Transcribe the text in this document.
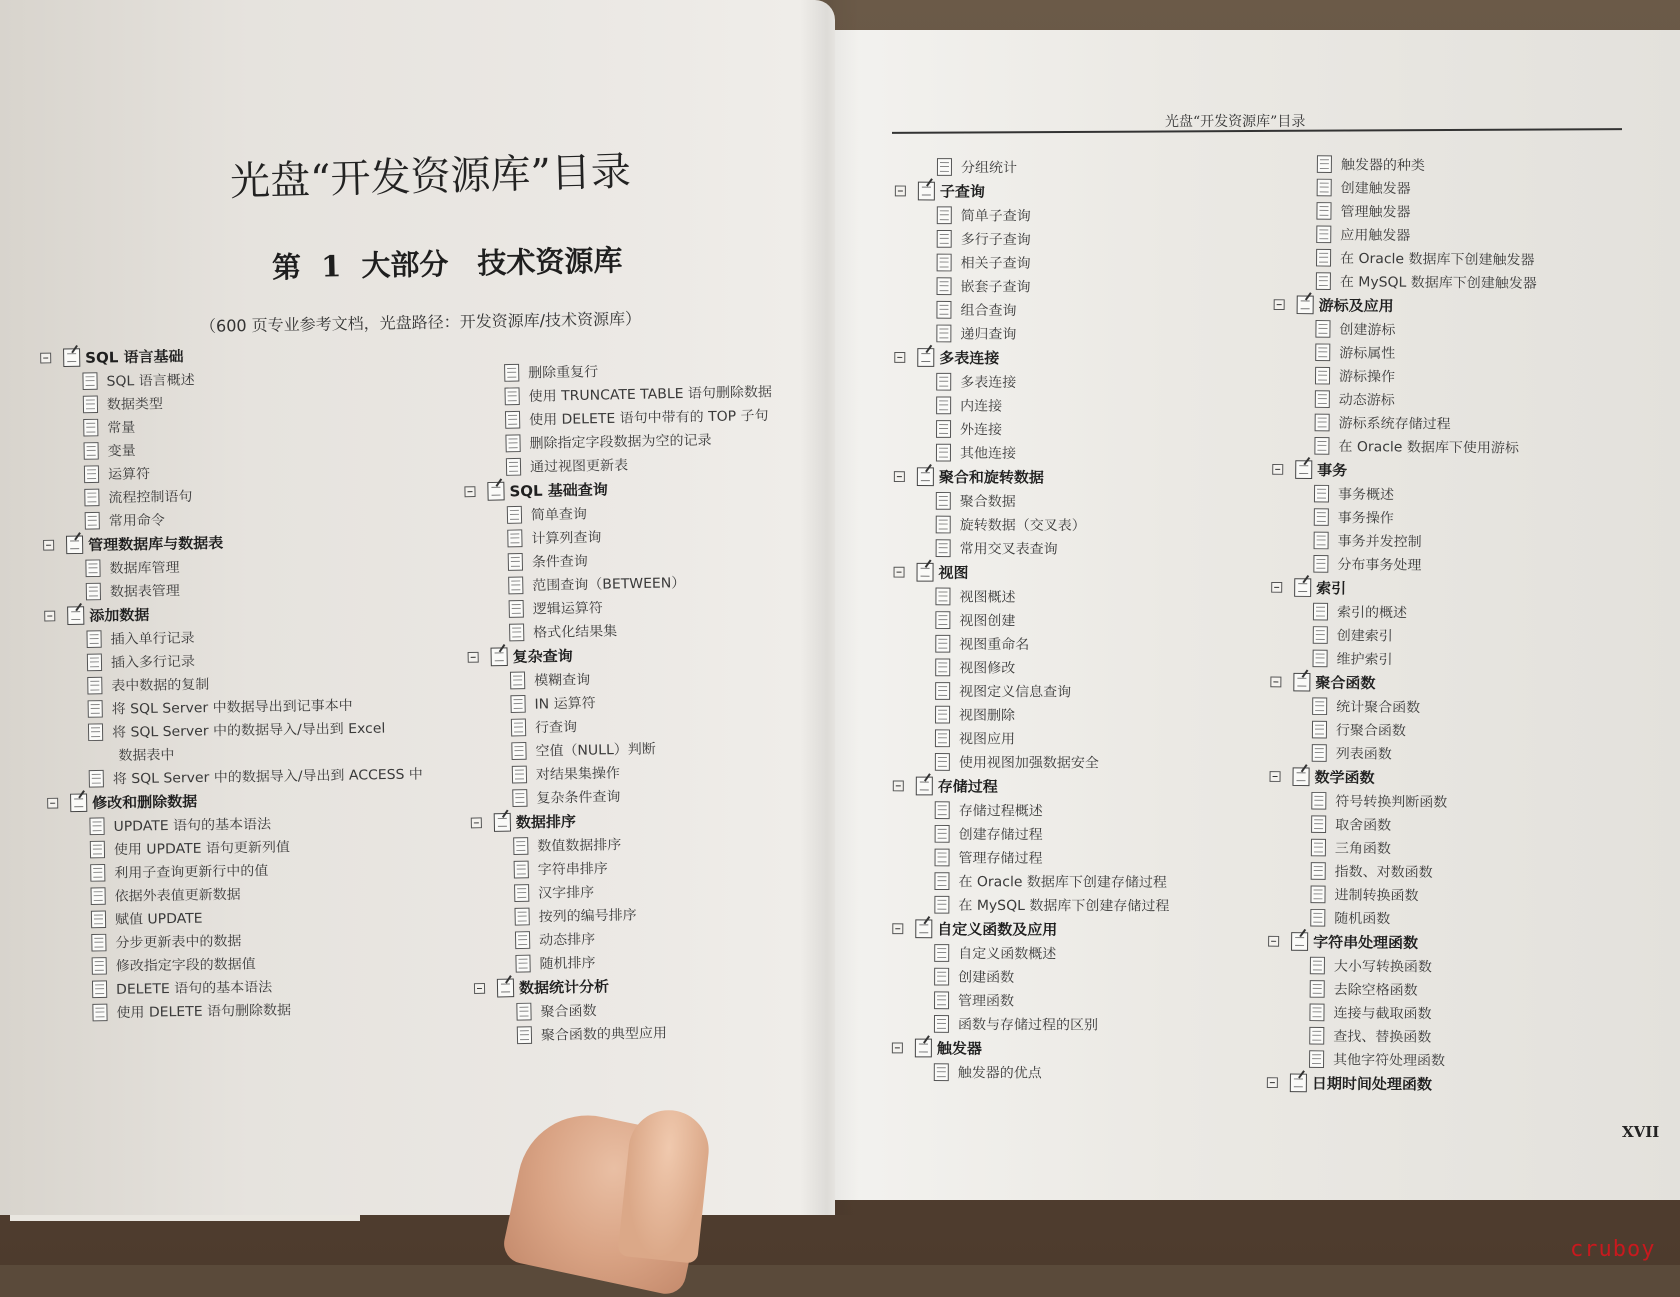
光盘“开发资源库”目录
第 1 大部分　技术资源库
（600 页专业参考文档，光盘路径：开发资源库/技术资源库）
SQL 语言基础
SQL 语言概述
数据类型
常量
变量
运算符
流程控制语句
常用命令
管理数据库与数据表
数据库管理
数据表管理
添加数据
插入单行记录
插入多行记录
表中数据的复制
将 SQL Server 中数据导出到记事本中
将 SQL Server 中的数据导入/导出到 Excel
数据表中
将 SQL Server 中的数据导入/导出到 ACCESS 中
修改和删除数据
UPDATE 语句的基本语法
使用 UPDATE 语句更新列值
利用子查询更新行中的值
依据外表值更新数据
赋值 UPDATE
分步更新表中的数据
修改指定字段的数据值
DELETE 语句的基本语法
使用 DELETE 语句删除数据
删除重复行
使用 TRUNCATE TABLE 语句删除数据
使用 DELETE 语句中带有的 TOP 子句
删除指定字段数据为空的记录
通过视图更新表
SQL 基础查询
简单查询
计算列查询
条件查询
范围查询（BETWEEN）
逻辑运算符
格式化结果集
复杂查询
模糊查询
IN 运算符
行查询
空值（NULL）判断
对结果集操作
复杂条件查询
数据排序
数值数据排序
字符串排序
汉字排序
按列的编号排序
动态排序
随机排序
数据统计分析
聚合函数
聚合函数的典型应用
光盘“开发资源库”目录
分组统计
子查询
简单子查询
多行子查询
相关子查询
嵌套子查询
组合查询
递归查询
多表连接
多表连接
内连接
外连接
其他连接
聚合和旋转数据
聚合数据
旋转数据（交叉表）
常用交叉表查询
视图
视图概述
视图创建
视图重命名
视图修改
视图定义信息查询
视图删除
视图应用
使用视图加强数据安全
存储过程
存储过程概述
创建存储过程
管理存储过程
在 Oracle 数据库下创建存储过程
在 MySQL 数据库下创建存储过程
自定义函数及应用
自定义函数概述
创建函数
管理函数
函数与存储过程的区别
触发器
触发器的优点
触发器的种类
创建触发器
管理触发器
应用触发器
在 Oracle 数据库下创建触发器
在 MySQL 数据库下创建触发器
游标及应用
创建游标
游标属性
游标操作
动态游标
游标系统存储过程
在 Oracle 数据库下使用游标
事务
事务概述
事务操作
事务并发控制
分布事务处理
索引
索引的概述
创建索引
维护索引
聚合函数
统计聚合函数
行聚合函数
列表函数
数学函数
符号转换判断函数
取舍函数
三角函数
指数、对数函数
进制转换函数
随机函数
字符串处理函数
大小写转换函数
去除空格函数
连接与截取函数
查找、替换函数
其他字符处理函数
日期时间处理函数
XVII
cruboy
